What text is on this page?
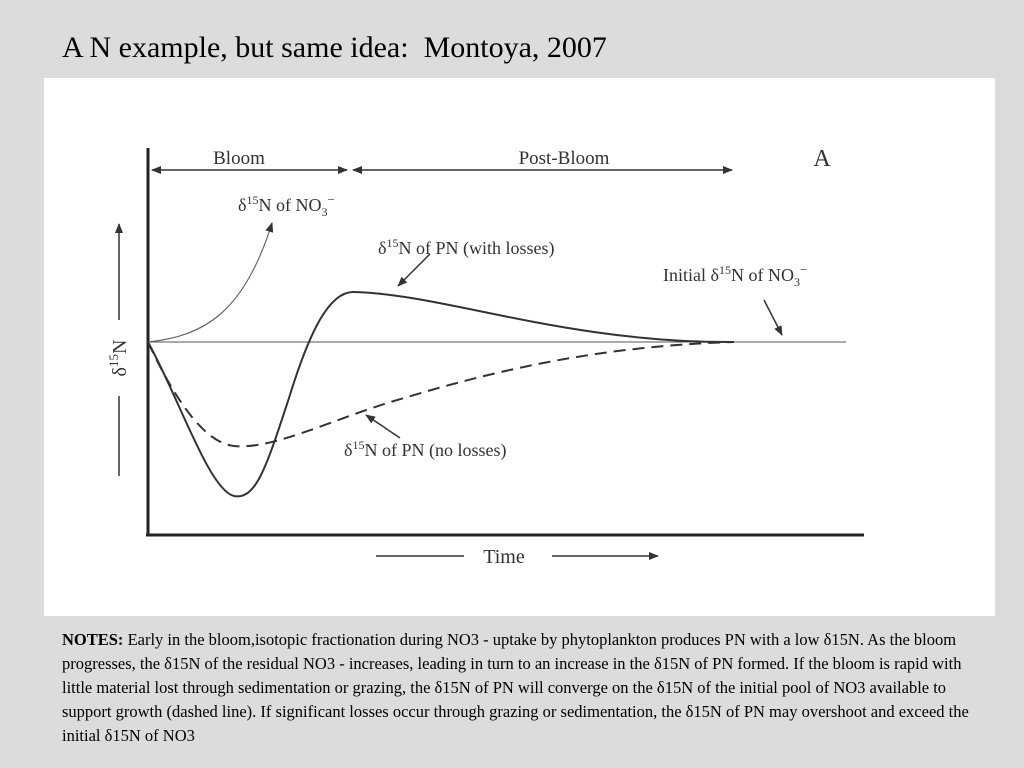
A N example, but same idea:  Montoya, 2007
Bloom	Post-Bloom	A
$\delta^{15}N$ of $NO_3^-$
$\delta^{15}N$ of PN (with losses)
Initial $\delta^{15}N$ of $NO_3^-$
$\delta^{15}N$ of PN (no losses)
$\delta^{15}N$
Time
NOTES: Early in the bloom,isotopic fractionation during NO3 - uptake by phytoplankton produces PN with a low δ15N. As the bloom progresses, the δ15N of the residual NO3 - increases, leading in turn to an increase in the δ15N of PN formed. If the bloom is rapid with little material lost through sedimentation or grazing, the δ15N of PN will converge on the δ15N of the initial pool of NO3 available to support growth (dashed line). If significant losses occur through grazing or sedimentation, the δ15N of PN may overshoot and exceed the initial δ15N of NO3
